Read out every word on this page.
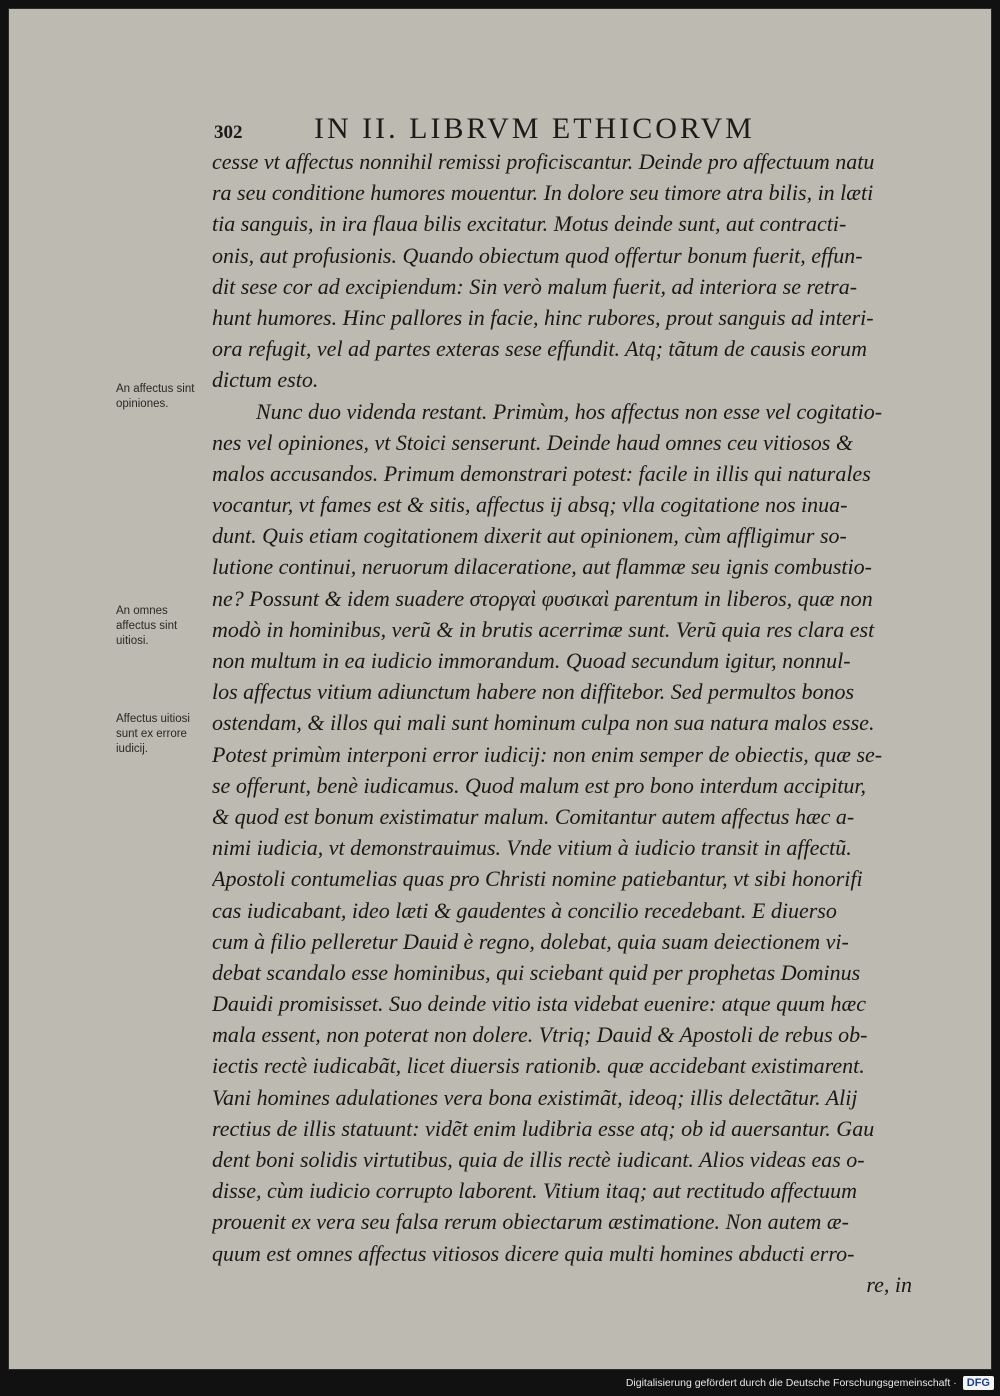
302 IN II. LIBRVM ETHICORVM
An affectus sint opiniones.
An omnes affectus sint uitiosi.
Affectus uitiosi sunt ex errore iudicij.
cesse vt affectus nonnihil remissi proficiscantur. Deinde pro affectuum natu
ra seu conditione humores mouentur. In dolore seu timore atra bilis, in læti
tia sanguis, in ira flaua bilis excitatur. Motus deinde sunt, aut contracti-
onis, aut profusionis. Quando obiectum quod offertur bonum fuerit, effun-
dit sese cor ad excipiendum: Sin verò malum fuerit, ad interiora se retra-
hunt humores. Hinc pallores in facie, hinc rubores, prout sanguis ad interi-
ora refugit, vel ad partes exteras sese effundit. Atq; tãtum de causis eorum
dictum esto.
Nunc duo videnda restant. Primùm, hos affectus non esse vel cogitatio-
nes vel opiniones, vt Stoici senserunt. Deinde haud omnes ceu vitiosos &
malos accusandos. Primum demonstrari potest: facile in illis qui naturales
vocantur, vt fames est & sitis, affectus ij absq; vlla cogitatione nos inua-
dunt. Quis etiam cogitationem dixerit aut opinionem, cùm affligimur so-
lutione continui, neruorum dilaceratione, aut flammæ seu ignis combustio-
ne? Possunt & idem suadere στοργαὶ φυσικαὶ parentum in liberos, quæ non
modò in hominibus, verũ & in brutis acerrimæ sunt. Verũ quia res clara est
non multum in ea iudicio immorandum. Quoad secundum igitur, nonnul-
los affectus vitium adiunctum habere non diffitebor. Sed permultos bonos
ostendam, & illos qui mali sunt hominum culpa non sua natura malos esse.
Potest primùm interponi error iudicij: non enim semper de obiectis, quæ se-
se offerunt, benè iudicamus. Quod malum est pro bono interdum accipitur,
& quod est bonum existimatur malum. Comitantur autem affectus hæc a-
nimi iudicia, vt demonstrauimus. Vnde vitium à iudicio transit in affectũ.
Apostoli contumelias quas pro Christi nomine patiebantur, vt sibi honorifi
cas iudicabant, ideo læti & gaudentes à concilio recedebant. E diuerso
cum à filio pelleretur Dauid è regno, dolebat, quia suam deiectionem vi-
debat scandalo esse hominibus, qui sciebant quid per prophetas Dominus
Dauidi promisisset. Suo deinde vitio ista videbat euenire: atque quum hæc
mala essent, non poterat non dolere. Vtriq; Dauid & Apostoli de rebus ob-
iectis rectè iudicabãt, licet diuersis rationib. quæ accidebant existimarent.
Vani homines adulationes vera bona existimãt, ideoq; illis delectãtur. Alij
rectius de illis statuunt: vidẽt enim ludibria esse atq; ob id auersantur. Gau
dent boni solidis virtutibus, quia de illis rectè iudicant. Alios videas eas o-
disse, cùm iudicio corrupto laborent. Vitium itaq; aut rectitudo affectuum
prouenit ex vera seu falsa rerum obiectarum æstimatione. Non autem æ-
quum est omnes affectus vitiosos dicere quia multi homines abducti erro-
re, in
Digitalisierung gefördert durch die Deutsche Forschungsgemeinschaft · DFG
